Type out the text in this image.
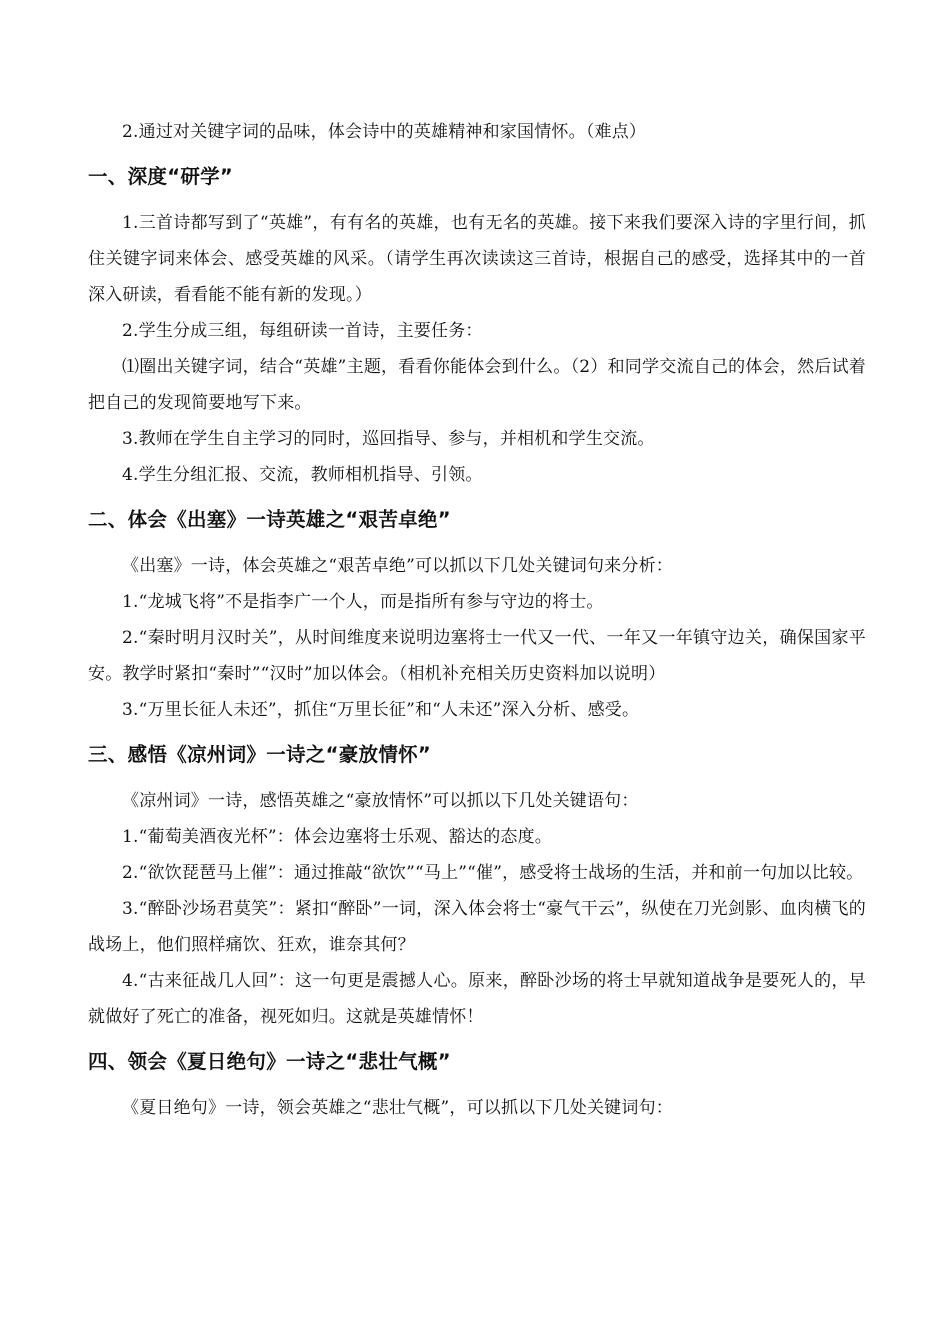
2.通过对关键字词的品味，体会诗中的英雄精神和家国情怀。（难点）

一、深度“研学”

1.三首诗都写到了“英雄”，有有名的英雄，也有无名的英雄。接下来我们要深入诗的字里行间，抓住关键字词来体会、感受英雄的风采。（请学生再次读读这三首诗，根据自己的感受，选择其中的一首深入研读，看看能不能有新的发现。）

2.学生分成三组，每组研读一首诗，主要任务：

⑴圈出关键字词，结合“英雄”主题，看看你能体会到什么。（2）和同学交流自己的体会，然后试着把自己的发现简要地写下来。

3.教师在学生自主学习的同时，巡回指导、参与，并相机和学生交流。

4.学生分组汇报、交流，教师相机指导、引领。

二、体会《出塞》一诗英雄之“艰苦卓绝”

《出塞》一诗，体会英雄之“艰苦卓绝”可以抓以下几处关键词句来分析：

1.“龙城飞将”不是指李广一个人，而是指所有参与守边的将士。

2.“秦时明月汉时关”，从时间维度来说明边塞将士一代又一代、一年又一年镇守边关，确保国家平安。教学时紧扣“秦时”“汉时”加以体会。（相机补充相关历史资料加以说明）

3.“万里长征人未还”，抓住“万里长征”和“人未还”深入分析、感受。

三、感悟《凉州词》一诗之“豪放情怀”

《凉州词》一诗，感悟英雄之“豪放情怀”可以抓以下几处关键语句：

1.“葡萄美酒夜光杯”：体会边塞将士乐观、豁达的态度。

2.“欲饮琵琶马上催”：通过推敲“欲饮”“马上”“催”，感受将士战场的生活，并和前一句加以比较。

3.“醉卧沙场君莫笑”：紧扣“醉卧”一词，深入体会将士“豪气干云”，纵使在刀光剑影、血肉横飞的战场上，他们照样痛饮、狂欢，谁奈其何？

4.“古来征战几人回”：这一句更是震撼人心。原来，醉卧沙场的将士早就知道战争是要死人的，早就做好了死亡的准备，视死如归。这就是英雄情怀！

四、领会《夏日绝句》一诗之“悲壮气概”

《夏日绝句》一诗，领会英雄之“悲壮气概”，可以抓以下几处关键词句：
